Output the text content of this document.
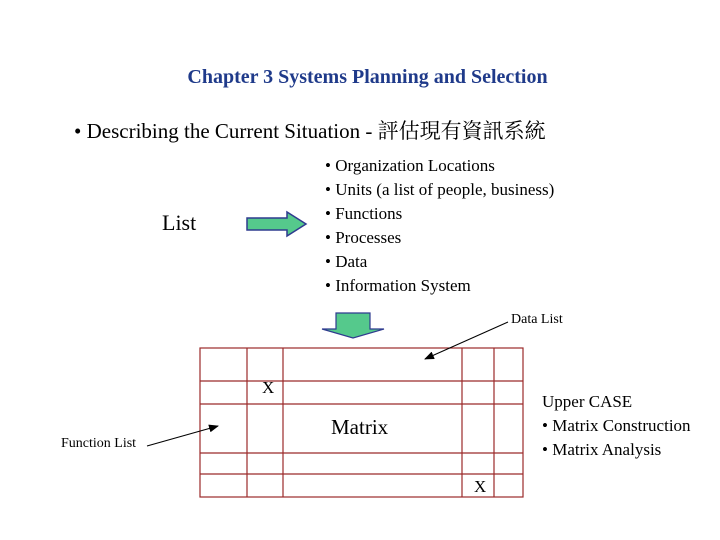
Chapter 3 Systems Planning and Selection
• Describing the Current Situation - 評估現有資訊系統
List
• Organization Locations
• Units (a list of people, business)
• Functions
• Processes
• Data
• Information System
X
X
Matrix
Data List
Function List
Upper CASE
• Matrix Construction
• Matrix Analysis
